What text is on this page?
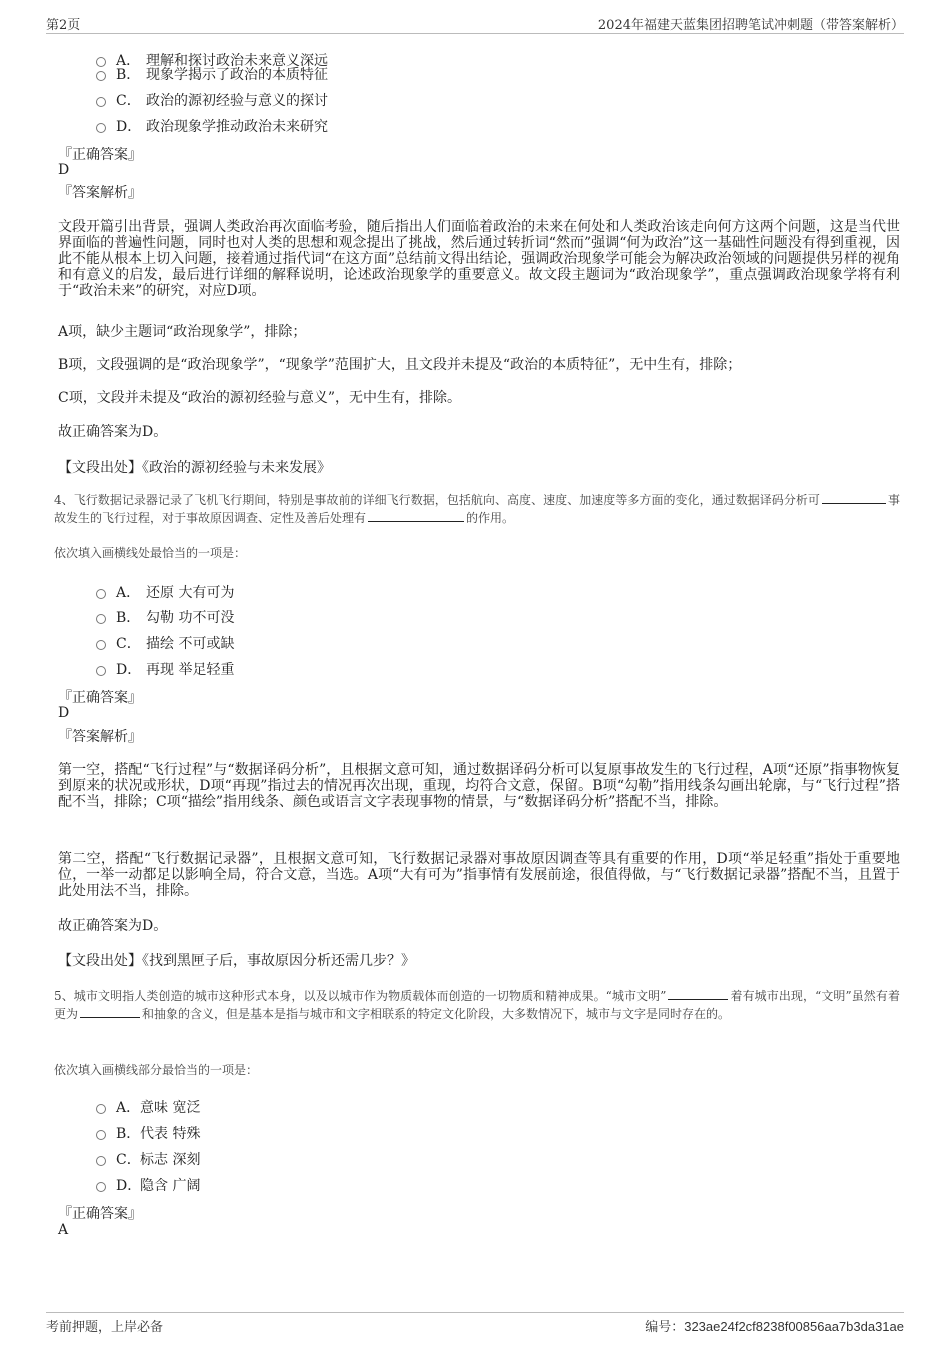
第2页	2024年福建天蓝集团招聘笔试冲刺题（带答案解析）
A． 理解和探讨政治未来意义深远
B． 现象学揭示了政治的本质特征
C． 政治的源初经验与意义的探讨
D． 政治现象学推动政治未来研究
『正确答案』
D
『答案解析』
文段开篇引出背景，强调人类政治再次面临考验，随后指出人们面临着政治的未来在何处和人类政治该走向何方这两个问题，这是当代世界面临的普遍性问题，同时也对人类的思想和观念提出了挑战，然后通过转折词“然而”强调“何为政治”这一基础性问题没有得到重视，因此不能从根本上切入问题，接着通过指代词“在这方面”总结前文得出结论，强调政治现象学可能会为解决政治领域的问题提供另样的视角和有意义的启发，最后进行详细的解释说明，论述政治现象学的重要意义。故文段主题词为“政治现象学”，重点强调政治现象学将有利于“政治未来”的研究，对应D项。
A项，缺少主题词“政治现象学”，排除；
B项，文段强调的是“政治现象学”，“现象学”范围扩大，且文段并未提及“政治的本质特征”，无中生有，排除；
C项，文段并未提及“政治的源初经验与意义”，无中生有，排除。
故正确答案为D。
【文段出处】《政治的源初经验与未来发展》
4、飞行数据记录器记录了飞机飞行期间，特别是事故前的详细飞行数据，包括航向、高度、速度、加速度等多方面的变化，通过数据译码分析可	事故发生的飞行过程，对于事故原因调查、定性及善后处理有	的作用。
依次填入画横线处最恰当的一项是：
A． 还原 大有可为
B． 勾勒 功不可没
C． 描绘 不可或缺
D． 再现 举足轻重
『正确答案』
D
『答案解析』
第一空，搭配“飞行过程”与“数据译码分析”，且根据文意可知，通过数据译码分析可以复原事故发生的飞行过程，A项“还原”指事物恢复到原来的状况或形状，D项“再现”指过去的情况再次出现，重现，均符合文意，保留。B项“勾勒”指用线条勾画出轮廓，与“飞行过程”搭配不当，排除；C项“描绘”指用线条、颜色或语言文字表现事物的情景，与“数据译码分析”搭配不当，排除。
第二空，搭配“飞行数据记录器”，且根据文意可知，飞行数据记录器对事故原因调查等具有重要的作用，D项“举足轻重”指处于重要地位，一举一动都足以影响全局，符合文意，当选。A项“大有可为”指事情有发展前途，很值得做，与“飞行数据记录器”搭配不当，且置于此处用法不当，排除。
故正确答案为D。
【文段出处】《找到黑匣子后，事故原因分析还需几步？》
5、城市文明指人类创造的城市这种形式本身，以及以城市作为物质载体而创造的一切物质和精神成果。“城市文明”	着有城市出现，“文明”虽然有着更为	和抽象的含义，但是基本是指与城市和文字相联系的特定文化阶段，大多数情况下，城市与文字是同时存在的。
依次填入画横线部分最恰当的一项是：
A． 意味 宽泛
B． 代表 特殊
C． 标志 深刻
D．
隐含 广阔
『正确答案』
A
考前押题，上岸必备	编号：323ae24f2cf8238f00856aa7b3da31ae
